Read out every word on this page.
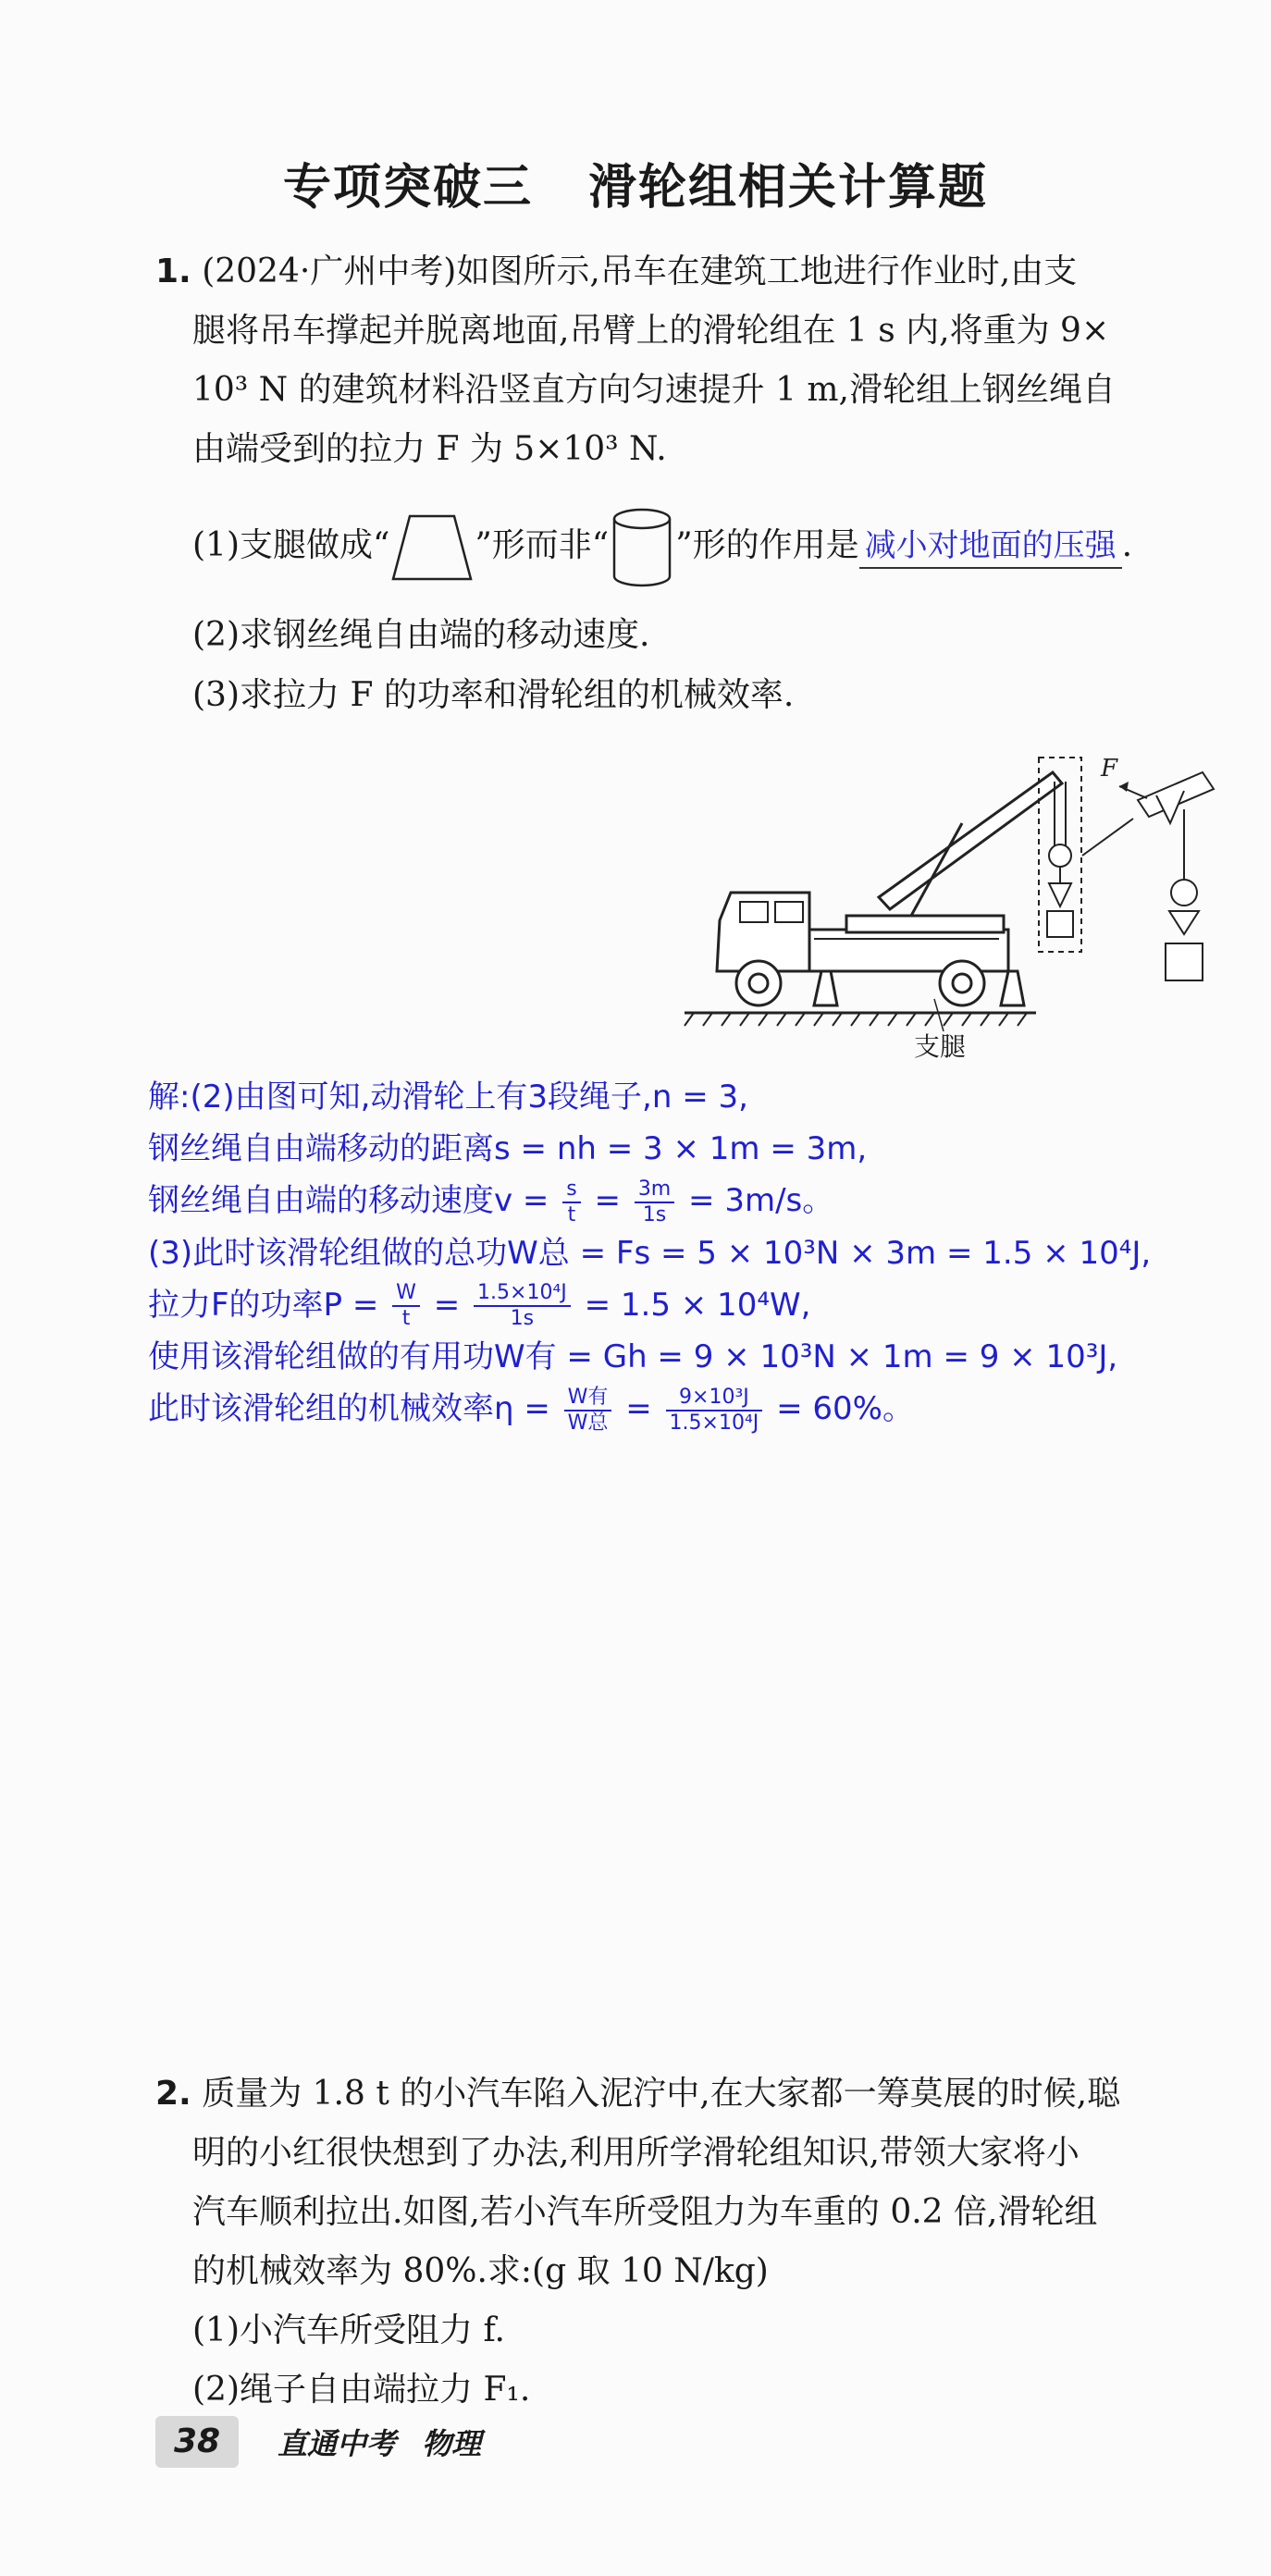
专项突破三 滑轮组相关计算题
1. (2024·广州中考)如图所示,吊车在建筑工地进行作业时,由支
腿将吊车撑起并脱离地面,吊臂上的滑轮组在 1 s 内,将重为 9×
10³ N 的建筑材料沿竖直方向匀速提升 1 m,滑轮组上钢丝绳自
由端受到的拉力 F 为 5×10³ N.
(1)支腿做成“	”形而非“ ”形的作用是 减小对地面的压强 .
(2)求钢丝绳自由端的移动速度.
(3)求拉力 F 的功率和滑轮组的机械效率.
F
支腿
解:(2)由图可知,动滑轮上有3段绳子,n = 3,
钢丝绳自由端移动的距离s = nh = 3 × 1m = 3m,
钢丝绳自由端的移动速度$v = \frac{s}{t} = \frac{3m}{1s} = 3m/s$。
(3)此时该滑轮组做的总功W总 = Fs = 5 × 10³N × 3m = 1.5 × 10⁴J,
拉力F的功率$P = \frac{W}{t} = \frac{\text{1.5×10⁴J}}{1s} = 1.5 \times 10^4W$,
使用该滑轮组做的有用功W有 = Gh = 9 × 10³N × 1m = 9 × 10³J,
此时该滑轮组的机械效率$\eta = \frac{\text{W有}}{\text{W总}} = \frac{\text{9×10³J}}{\text{1.5×10⁴J}} = 60\%$。
2. 质量为 1.8 t 的小汽车陷入泥泞中,在大家都一筹莫展的时候,聪
明的小红很快想到了办法,利用所学滑轮组知识,带领大家将小
汽车顺利拉出.如图,若小汽车所受阻力为车重的 0.2 倍,滑轮组
的机械效率为 80%.求:(g 取 10 N/kg)
(1)小汽车所受阻力 f.
(2)绳子自由端拉力 F₁.
38	直通中考 物理
